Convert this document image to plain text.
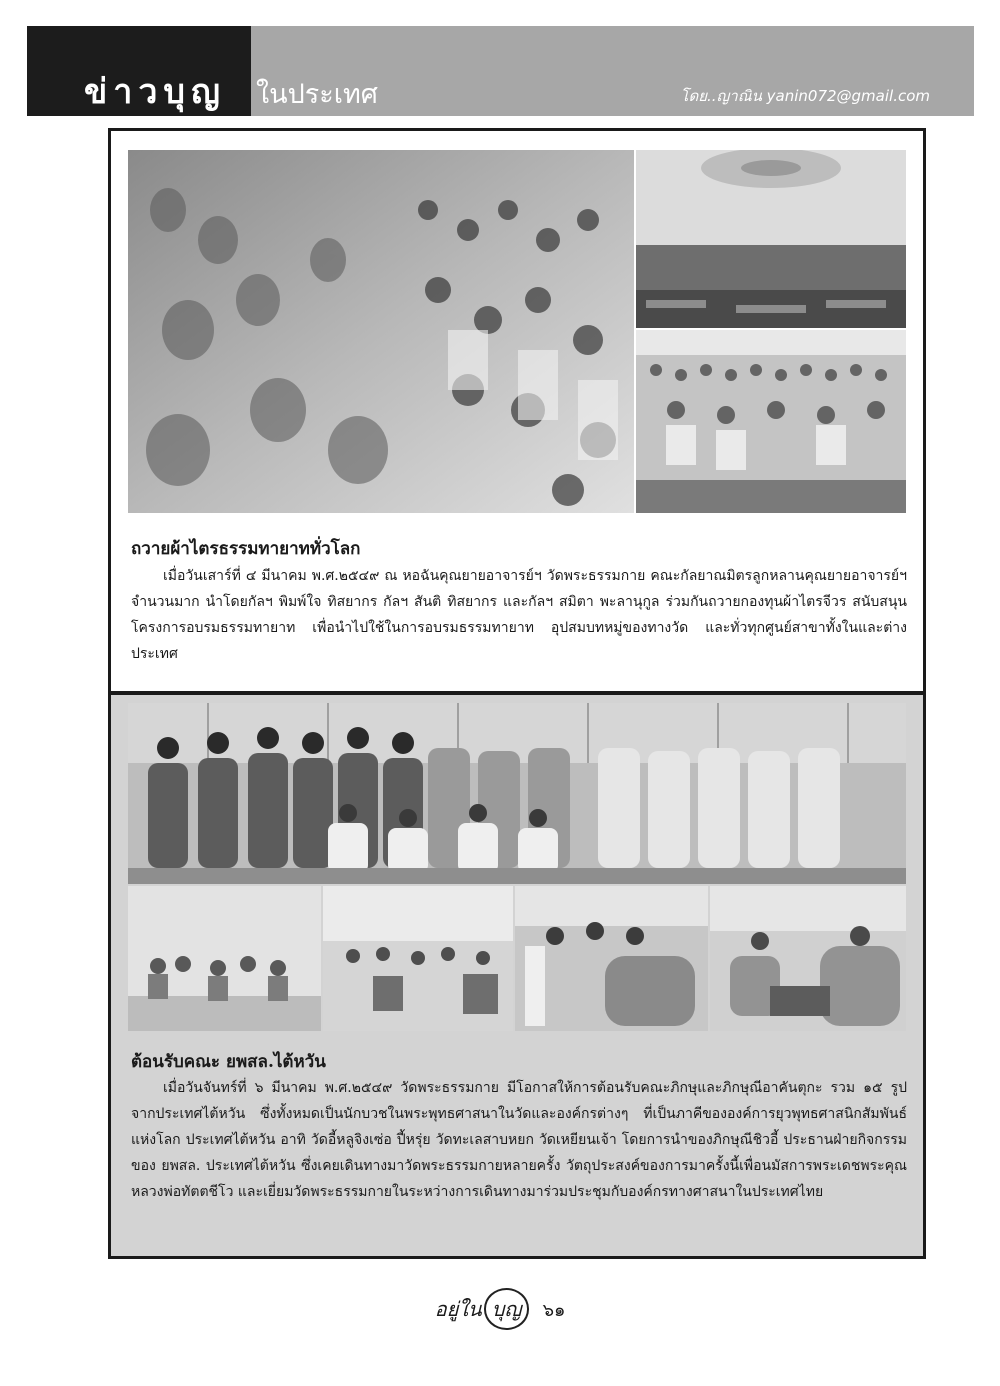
ข่าวบุญ ในประเทศ	โดย..ญาณิน yanin072@gmail.com
ถวายผ้าไตรธรรมทายาททั่วโลก

เมื่อวันเสาร์ที่ ๔ มีนาคม พ.ศ.๒๕๔๙ ณ หอฉันคุณยายอาจารย์ฯ วัดพระธรรมกาย คณะกัลยาณมิตรลูกหลานคุณยายอาจารย์ฯ จำนวนมาก นำโดยกัลฯ พิมพ์ใจ ทิสยากร กัลฯ สันติ ทิสยากร และกัลฯ สมิตา พะลานุกูล ร่วมกันถวายกองทุนผ้าไตรจีวร สนับสนุนโครงการอบรมธรรมทายาท เพื่อนำไปใช้ในการอบรมธรรมทายาท อุปสมบทหมู่ของทางวัด และทั่วทุกศูนย์สาขาทั้งในและต่างประเทศ

ต้อนรับคณะ ยพสล.ไต้หวัน

เมื่อวันจันทร์ที่ ๖ มีนาคม พ.ศ.๒๕๔๙ วัดพระธรรมกาย มีโอกาสให้การต้อนรับคณะภิกษุและภิกษุณีอาคันตุกะ รวม ๑๕ รูป จากประเทศไต้หวัน ซึ่งทั้งหมดเป็นนักบวชในพระพุทธศาสนาในวัดและองค์กรต่างๆ ที่เป็นภาคีขององค์การยุวพุทธศาสนิกสัมพันธ์แห่งโลก ประเทศไต้หวัน อาทิ วัดอี้หลูจิงเซ่อ ปี้หรุ่ย วัดทะเลสาบหยก วัดเหยียนเจ้า โดยการนำของภิกษุณีชิวอี้ ประธานฝ่ายกิจกรรมของ ยพสล. ประเทศไต้หวัน ซึ่งเคยเดินทางมาวัดพระธรรมกายหลายครั้ง วัตถุประสงค์ของการมาครั้งนี้เพื่อนมัสการพระเดชพระคุณหลวงพ่อทัตตชีโว และเยี่ยมวัดพระธรรมกายในระหว่างการเดินทางมาร่วมประชุมกับองค์กรทางศาสนาในประเทศไทย

อยู่ใน บุญ ๖๑
